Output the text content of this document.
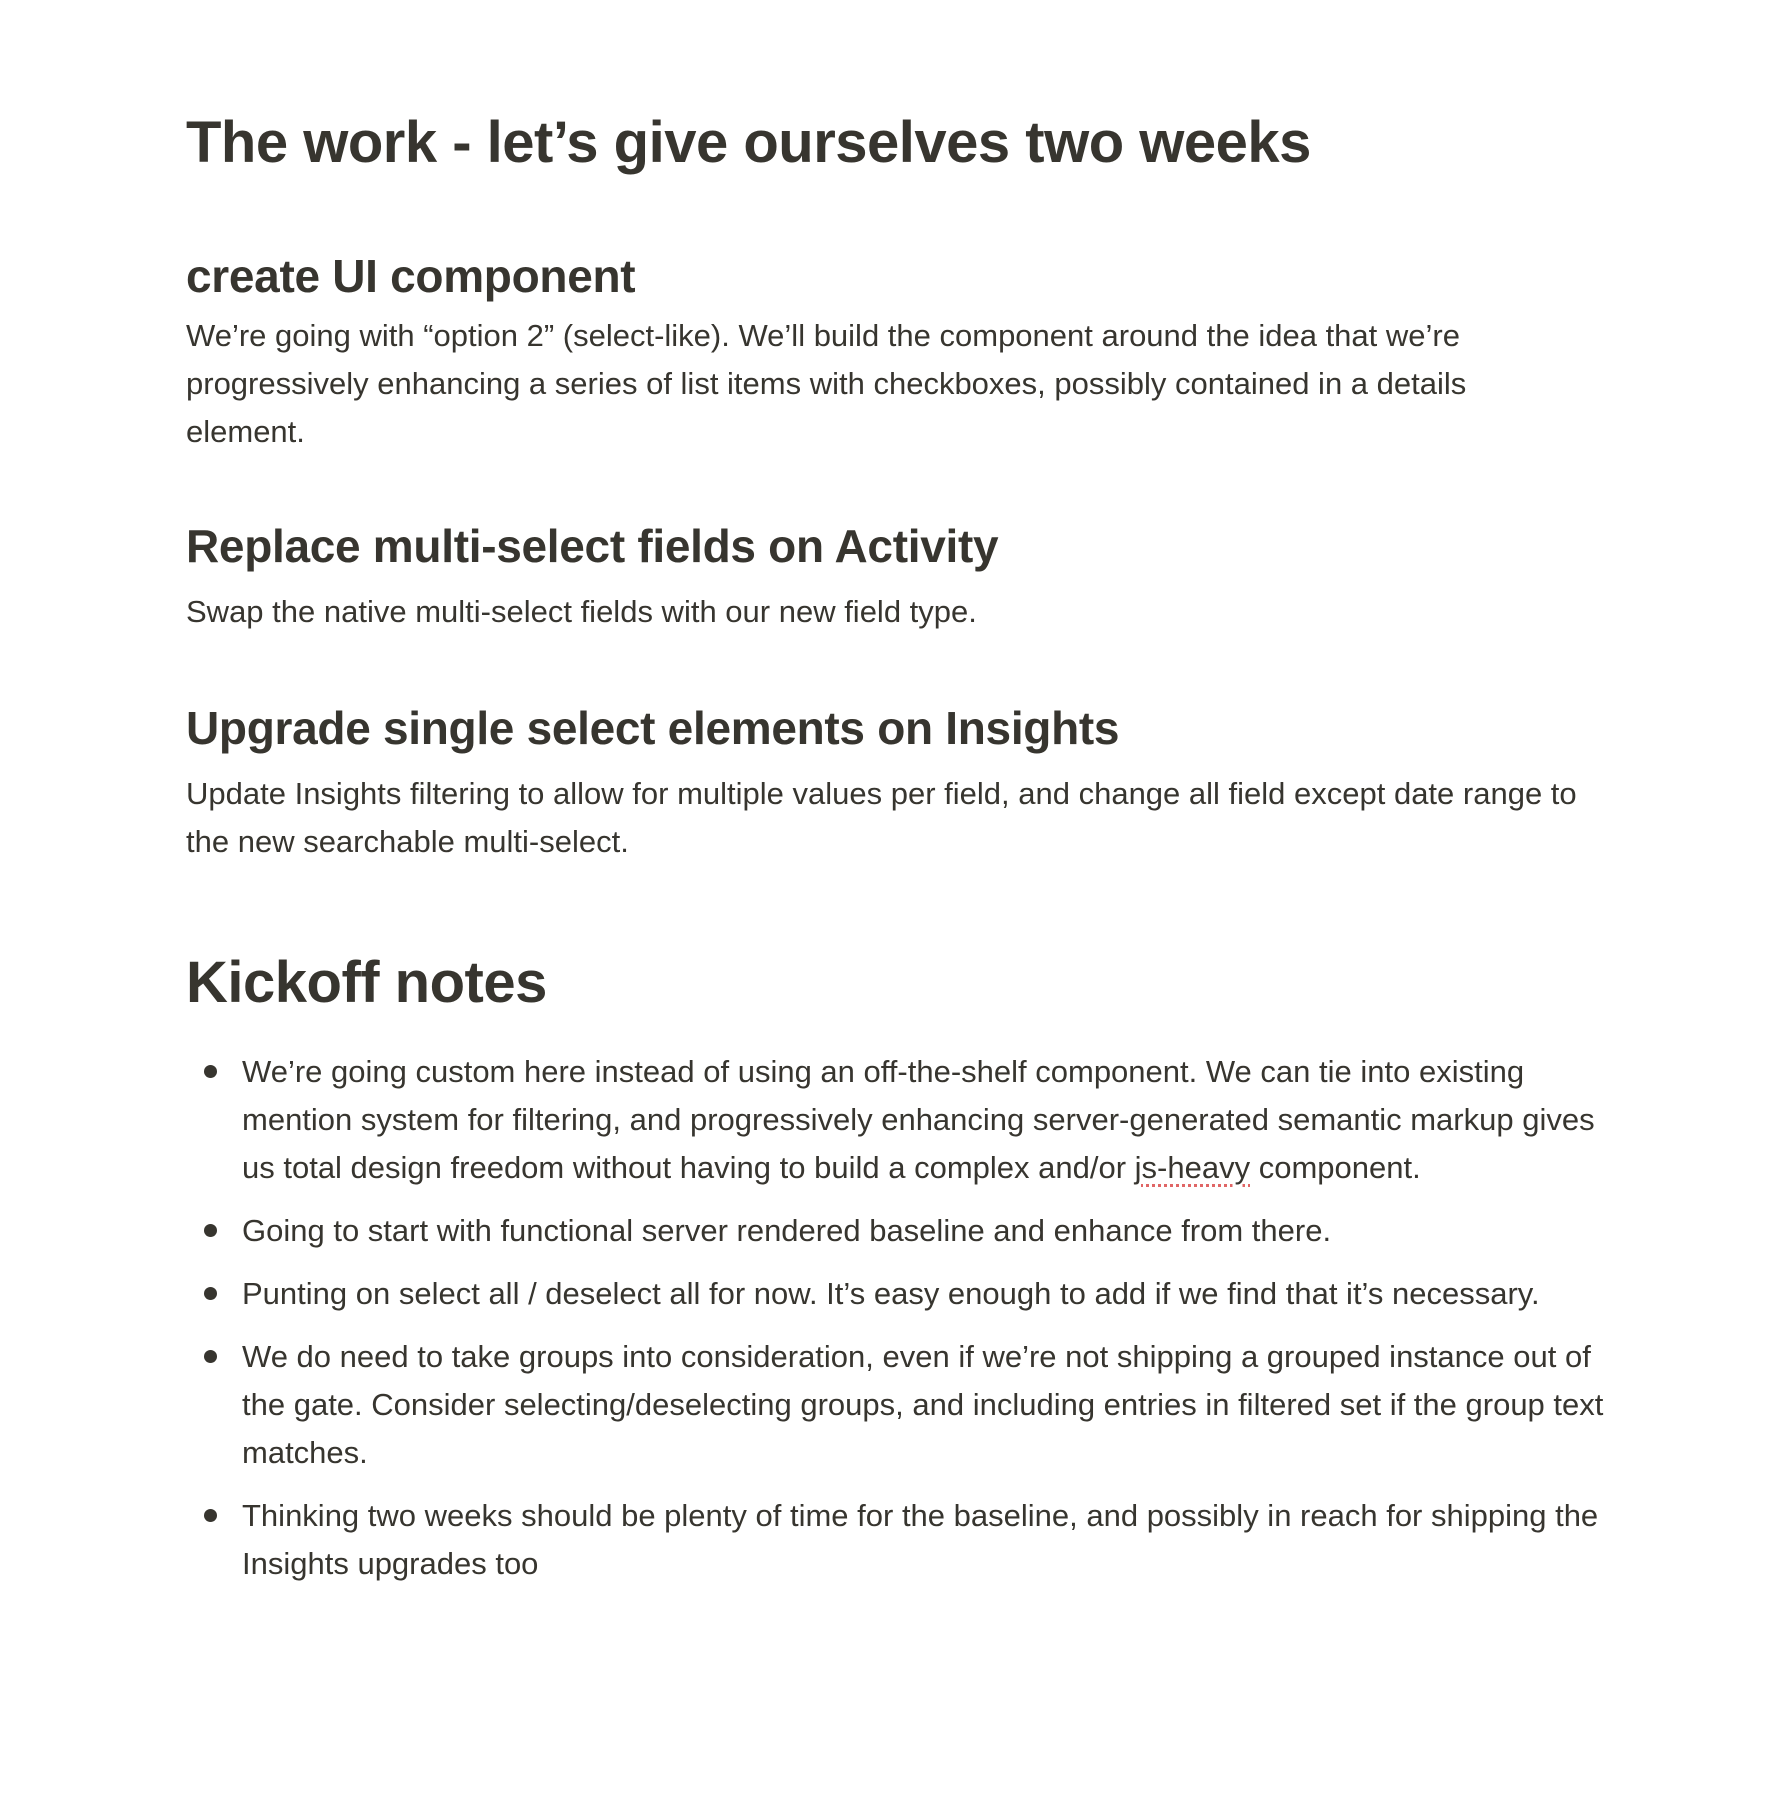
The work - let’s give ourselves two weeks
create UI component

We’re going with “option 2” (select-like). We’ll build the component around the idea that we’re progressively enhancing a series of list items with checkboxes, possibly contained in a details element.

Replace multi-select fields on Activity

Swap the native multi-select fields with our new field type.

Upgrade single select elements on Insights

Update Insights filtering to allow for multiple values per field, and change all field except date range to the new searchable multi-select.

Kickoff notes
We’re going custom here instead of using an off-the-shelf component. We can tie into existing mention system for filtering, and progressively enhancing server-generated semantic markup gives us total design freedom without having to build a complex and/or js-heavy component.
Going to start with functional server rendered baseline and enhance from there.
Punting on select all / deselect all for now. It’s easy enough to add if we find that it’s necessary.
We do need to take groups into consideration, even if we’re not shipping a grouped instance out of the gate. Consider selecting/deselecting groups, and including entries in filtered set if the group text matches.
Thinking two weeks should be plenty of time for the baseline, and possibly in reach for shipping the Insights upgrades too
